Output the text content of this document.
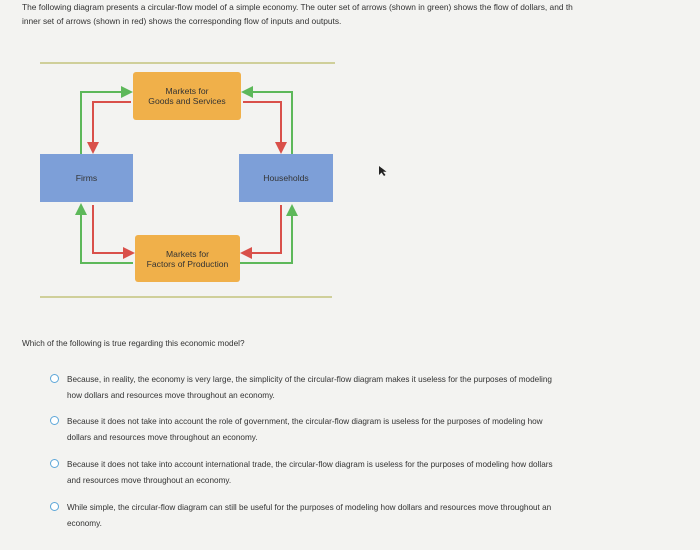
The following diagram presents a circular-flow model of a simple economy. The outer set of arrows (shown in green) shows the flow of dollars, and th
inner set of arrows (shown in red) shows the corresponding flow of inputs and outputs.
Markets for
Goods and Services
Firms	Households
Markets for
Factors of Production
Which of the following is true regarding this economic model?
Because, in reality, the economy is very large, the simplicity of the circular-flow diagram makes it useless for the purposes of modeling
how dollars and resources move throughout an economy.
Because it does not take into account the role of government, the circular-flow diagram is useless for the purposes of modeling how
dollars and resources move throughout an economy.
Because it does not take into account international trade, the circular-flow diagram is useless for the purposes of modeling how dollars
and resources move throughout an economy.
While simple, the circular-flow diagram can still be useful for the purposes of modeling how dollars and resources move throughout an
economy.
